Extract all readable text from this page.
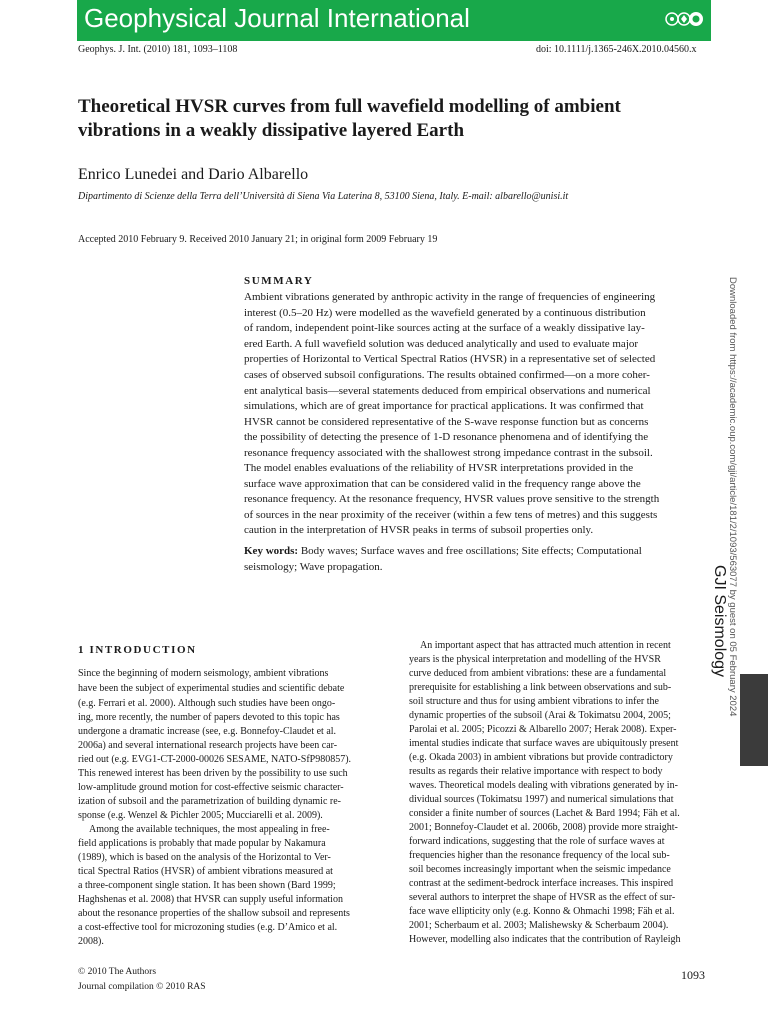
Geophysical Journal International
Geophys. J. Int. (2010) 181, 1093–1108	doi: 10.1111/j.1365-246X.2010.04560.x
Theoretical HVSR curves from full wavefield modelling of ambient
vibrations in a weakly dissipative layered Earth
Enrico Lunedei and Dario Albarello
Dipartimento di Scienze della Terra dell’Università di Siena Via Laterina 8, 53100 Siena, Italy. E-mail: albarello@unisi.it
Accepted 2010 February 9. Received 2010 January 21; in original form 2009 February 19
SUMMARY
Ambient vibrations generated by anthropic activity in the range of frequencies of engineering
interest (0.5–20 Hz) were modelled as the wavefield generated by a continuous distribution
of random, independent point-like sources acting at the surface of a weakly dissipative lay-
ered Earth. A full wavefield solution was deduced analytically and used to evaluate major
properties of Horizontal to Vertical Spectral Ratios (HVSR) in a representative set of selected
cases of observed subsoil configurations. The results obtained confirmed—on a more coher-
ent analytical basis—several statements deduced from empirical observations and numerical
simulations, which are of great importance for practical applications. It was confirmed that
HVSR cannot be considered representative of the S-wave response function but as concerns
the possibility of detecting the presence of 1-D resonance phenomena and of identifying the
resonance frequency associated with the shallowest strong impedance contrast in the subsoil.
The model enables evaluations of the reliability of HVSR interpretations provided in the
surface wave approximation that can be considered valid in the frequency range above the
resonance frequency. At the resonance frequency, HVSR values prove sensitive to the strength
of sources in the near proximity of the receiver (within a few tens of metres) and this suggests
caution in the interpretation of HVSR peaks in terms of subsoil properties only.
Key words: Body waves; Surface waves and free oscillations; Site effects; Computational
seismology; Wave propagation.
1 INTRODUCTION
Since the beginning of modern seismology, ambient vibrations
have been the subject of experimental studies and scientific debate
(e.g. Ferrari et al. 2000). Although such studies have been ongo-
ing, more recently, the number of papers devoted to this topic has
undergone a dramatic increase (see, e.g. Bonnefoy-Claudet et al.
2006a) and several international research projects have been car-
ried out (e.g. EVG1-CT-2000-00026 SESAME, NATO-SfP980857).
This renewed interest has been driven by the possibility to use such
low-amplitude ground motion for cost-effective seismic character-
ization of subsoil and the parametrization of building dynamic re-
sponse (e.g. Wenzel & Pichler 2005; Mucciarelli et al. 2009).
Among the available techniques, the most appealing in free-
field applications is probably that made popular by Nakamura
(1989), which is based on the analysis of the Horizontal to Ver-
tical Spectral Ratios (HVSR) of ambient vibrations measured at
a three-component single station. It has been shown (Bard 1999;
Haghshenas et al. 2008) that HVSR can supply useful information
about the resonance properties of the shallow subsoil and represents
a cost-effective tool for microzoning studies (e.g. D’Amico et al.
2008).
An important aspect that has attracted much attention in recent
years is the physical interpretation and modelling of the HVSR
curve deduced from ambient vibrations: these are a fundamental
prerequisite for establishing a link between observations and sub-
soil structure and thus for using ambient vibrations to infer the
dynamic properties of the subsoil (Arai & Tokimatsu 2004, 2005;
Parolai et al. 2005; Picozzi & Albarello 2007; Herak 2008). Exper-
imental studies indicate that surface waves are ubiquitously present
(e.g. Okada 2003) in ambient vibrations but provide contradictory
results as regards their relative importance with respect to body
waves. Theoretical models dealing with vibrations generated by in-
dividual sources (Tokimatsu 1997) and numerical simulations that
consider a finite number of sources (Lachet & Bard 1994; Fäh et al.
2001; Bonnefoy-Claudet et al. 2006b, 2008) provide more straight-
forward indications, suggesting that the role of surface waves at
frequencies higher than the resonance frequency of the local sub-
soil becomes increasingly important when the seismic impedance
contrast at the sediment-bedrock interface increases. This inspired
several authors to interpret the shape of HVSR as the effect of sur-
face wave ellipticity only (e.g. Konno & Ohmachi 1998; Fäh et al.
2001; Scherbaum et al. 2003; Malishewsky & Scherbaum 2004).
However, modelling also indicates that the contribution of Rayleigh
© 2010 The Authors
Journal compilation © 2010 RAS
1093
Downloaded from https://academic.oup.com/gji/article/181/2/1093/563077 by guest on 05 February 2024
GJI Seismology
